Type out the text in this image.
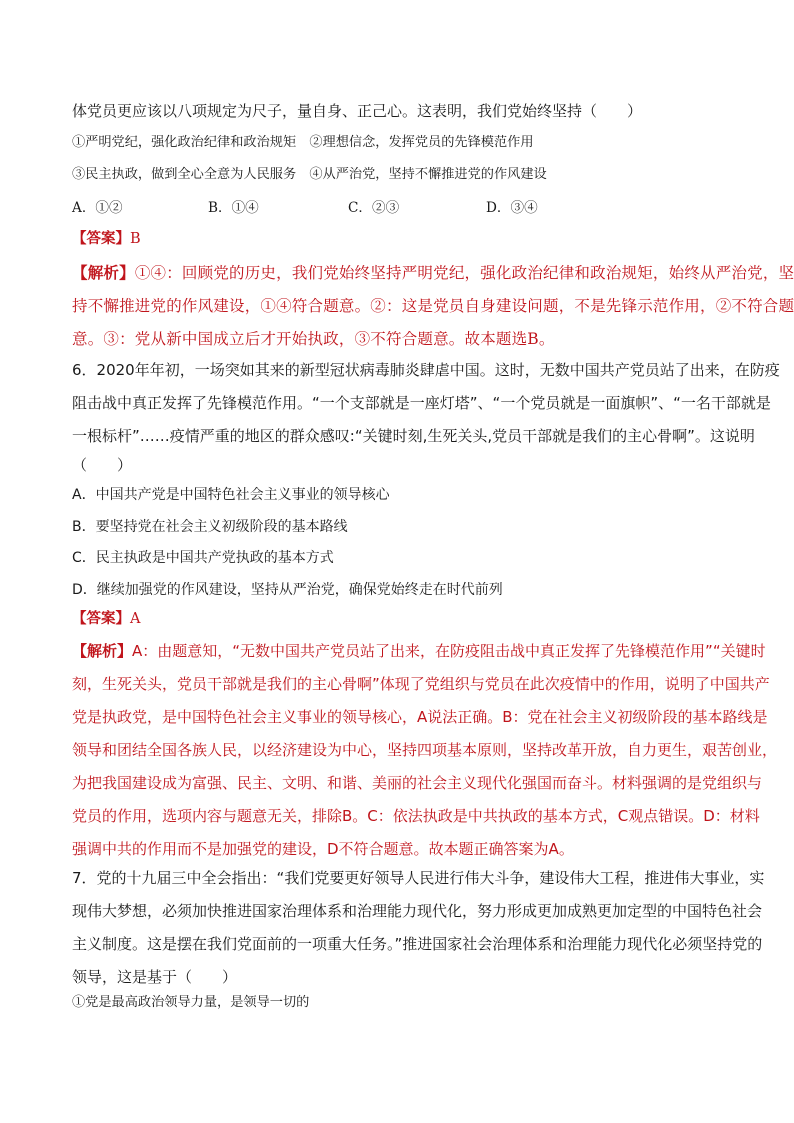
体党员更应该以八项规定为尺子，量自身、正己心。这表明，我们党始终坚持（　　）

①严明党纪，强化政治纪律和政治规矩　②理想信念，发挥党员的先锋模范作用

③民主执政，做到全心全意为人民服务　④从严治党，坚持不懈推进党的作风建设

A．①②	B．①④	C．②③	D．③④

【答案】B

【解析】①④：回顾党的历史，我们党始终坚持严明党纪，强化政治纪律和政治规矩，始终从严治党，坚
持不懈推进党的作风建设，①④符合题意。②：这是党员自身建设问题，不是先锋示范作用，②不符合题
意。③：党从新中国成立后才开始执政，③不符合题意。故本题选B。
6．2020年年初，一场突如其来的新型冠状病毒肺炎肆虐中国。这时，无数中国共产党员站了出来，在防疫
阻击战中真正发挥了先锋模范作用。“一个支部就是一座灯塔”、“一个党员就是一面旗帜”、“一名干部就是
一根标杆”……疫情严重的地区的群众感叹:“关键时刻,生死关头,党员干部就是我们的主心骨啊”。这说明
（　　）
A．中国共产党是中国特色社会主义事业的领导核心
B．要坚持党在社会主义初级阶段的基本路线
C．民主执政是中国共产党执政的基本方式
D．继续加强党的作风建设，坚持从严治党，确保党始终走在时代前列

【答案】A

【解析】A：由题意知，“无数中国共产党员站了出来，在防疫阻击战中真正发挥了先锋模范作用”“关键时
刻，生死关头，党员干部就是我们的主心骨啊”体现了党组织与党员在此次疫情中的作用，说明了中国共产
党是执政党，是中国特色社会主义事业的领导核心，A说法正确。B：党在社会主义初级阶段的基本路线是
领导和团结全国各族人民，以经济建设为中心，坚持四项基本原则，坚持改革开放，自力更生，艰苦创业，
为把我国建设成为富强、民主、文明、和谐、美丽的社会主义现代化强国而奋斗。材料强调的是党组织与
党员的作用，选项内容与题意无关，排除B。C：依法执政是中共执政的基本方式，C观点错误。D：材料
强调中共的作用而不是加强党的建设，D不符合题意。故本题正确答案为A。
7．党的十九届三中全会指出：“我们党要更好领导人民进行伟大斗争，建设伟大工程，推进伟大事业，实
现伟大梦想，必须加快推进国家治理体系和治理能力现代化，努力形成更加成熟更加定型的中国特色社会
主义制度。这是摆在我们党面前的一项重大任务。”推进国家社会治理体系和治理能力现代化必须坚持党的
领导，这是基于（　　）

①党是最高政治领导力量，是领导一切的
